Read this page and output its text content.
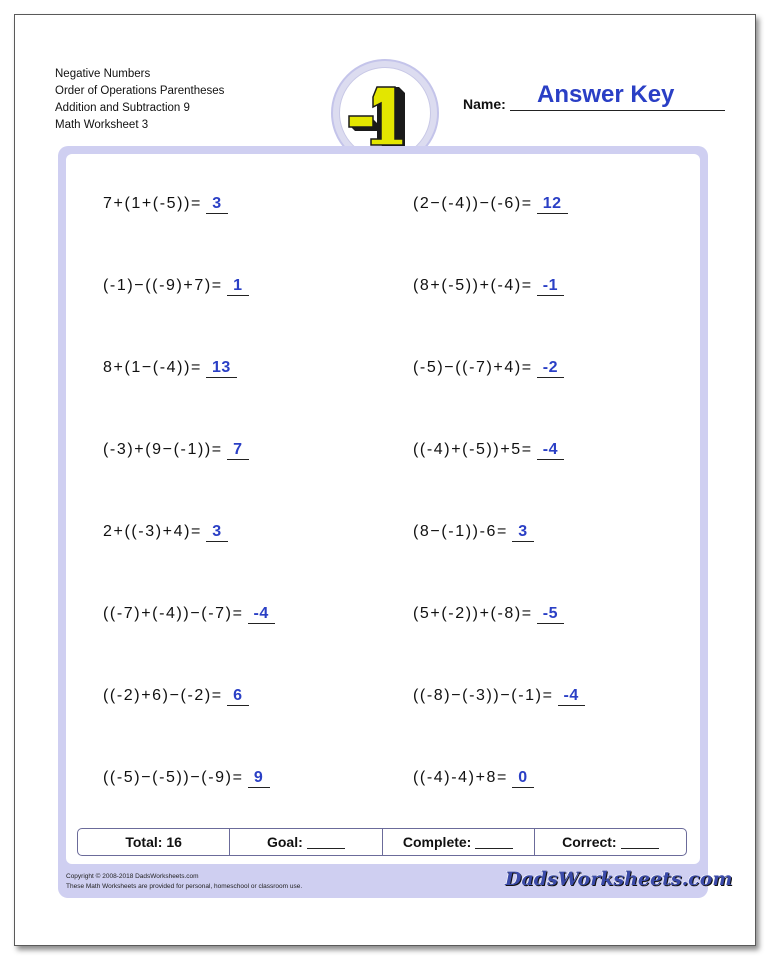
Negative Numbers
Order of Operations Parentheses
Addition and Subtraction 9
Math Worksheet 3
Name: Answer Key
7+(1+(-5))= 3	(2−(-4))−(-6)= 12
(-1)−((-9)+7)= 1	(8+(-5))+(-4)= -1
8+(1−(-4))= 13	(-5)−((-7)+4)= -2
(-3)+(9−(-1))= 7	((-4)+(-5))+5= -4
2+((-3)+4)= 3	(8−(-1))-6= 3
((-7)+(-4))−(-7)= -4	(5+(-2))+(-8)= -5
((-2)+6)−(-2)= 6	((-8)−(-3))−(-1)= -4
((-5)−(-5))−(-9)= 9	((-4)-4)+8= 0
Total: 16	Goal:	Complete:	Correct:
Copyright © 2008-2018 DadsWorksheets.com
These Math Worksheets are provided for personal, homeschool or classroom use.	DadsWorksheets.com
